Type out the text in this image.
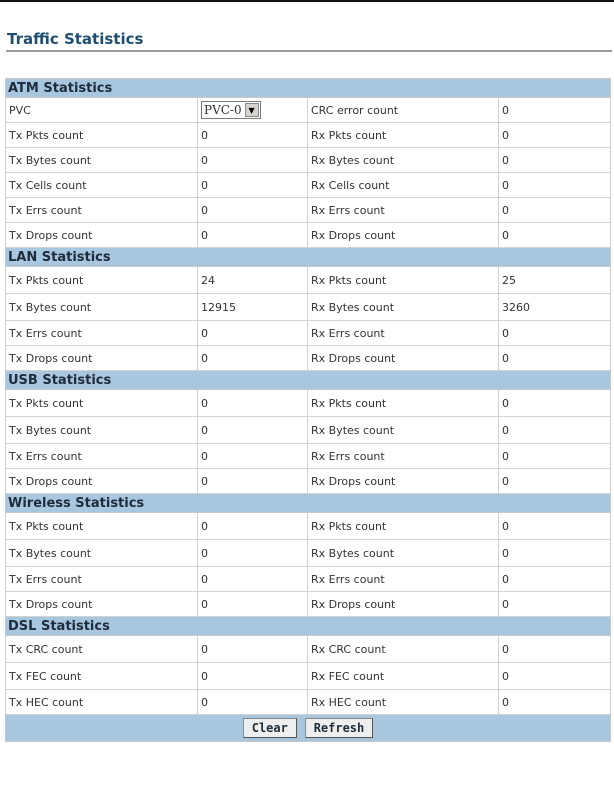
Traffic Statistics
ATM Statistics			
PVC	PVC-0 ▼	CRC error count	0
Tx Pkts count	0	Rx Pkts count	0
Tx Bytes count	0	Rx Bytes count	0
Tx Cells count	0	Rx Cells count	0
Tx Errs count	0	Rx Errs count	0
Tx Drops count	0	Rx Drops count	0
LAN Statistics			
Tx Pkts count	24	Rx Pkts count	25
Tx Bytes count	12915	Rx Bytes count	3260
Tx Errs count	0	Rx Errs count	0
Tx Drops count	0	Rx Drops count	0
USB Statistics			
Tx Pkts count	0	Rx Pkts count	0
Tx Bytes count	0	Rx Bytes count	0
Tx Errs count	0	Rx Errs count	0
Tx Drops count	0	Rx Drops count	0
Wireless Statistics			
Tx Pkts count	0	Rx Pkts count	0
Tx Bytes count	0	Rx Bytes count	0
Tx Errs count	0	Rx Errs count	0
Tx Drops count	0	Rx Drops count	0
DSL Statistics			
Tx CRC count	0	Rx CRC count	0
Tx FEC count	0	Rx FEC count	0
Tx HEC count	0	Rx HEC count	0
Clear Refresh			
